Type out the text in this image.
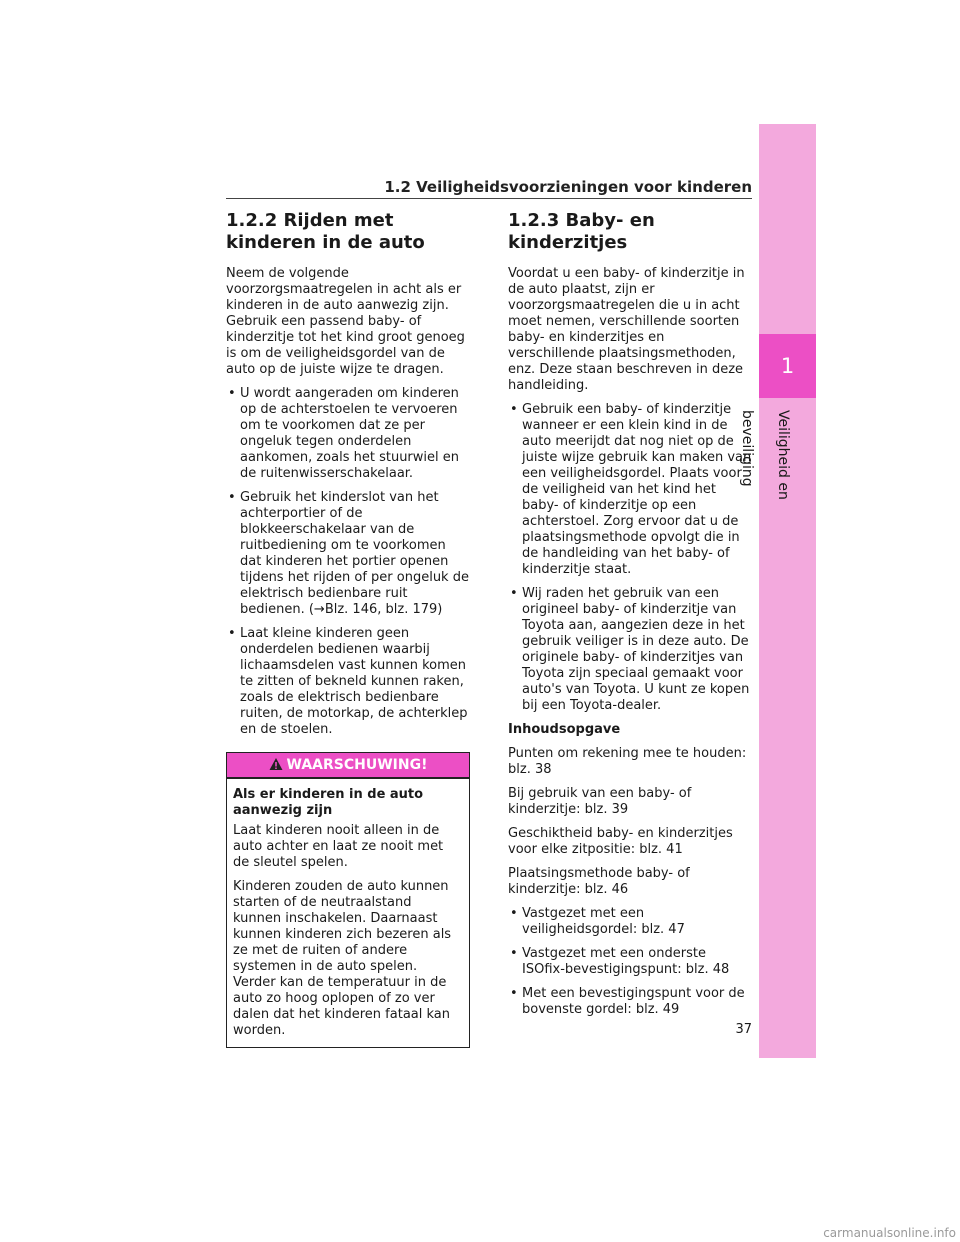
1.2 Veiligheidsvoorzieningen voor kinderen
1
Veiligheid en beveiliging
1.2.2 Rijden met kinderen in de auto

Neem de volgende voorzorgsmaatregelen in acht als er kinderen in de auto aanwezig zijn. Gebruik een passend baby- of kinderzitje tot het kind groot genoeg is om de veiligheidsgordel van de auto op de juiste wijze te dragen.

• U wordt aangeraden om kinderen op de achterstoelen te vervoeren om te voorkomen dat ze per ongeluk tegen onderdelen aankomen, zoals het stuurwiel en de ruitenwisserschakelaar.
• Gebruik het kinderslot van het achterportier of de blokkeerschakelaar van de ruitbediening om te voorkomen dat kinderen het portier openen tijdens het rijden of per ongeluk de elektrisch bedienbare ruit bedienen. (→Blz. 146, blz. 179)
• Laat kleine kinderen geen onderdelen bedienen waarbij lichaamsdelen vast kunnen komen te zitten of bekneld kunnen raken, zoals de elektrisch bedienbare ruiten, de motorkap, de achterklep en de stoelen.
WAARSCHUWING!
Als er kinderen in de auto aanwezig zijn

Laat kinderen nooit alleen in de auto achter en laat ze nooit met de sleutel spelen.

Kinderen zouden de auto kunnen starten of de neutraalstand kunnen inschakelen. Daarnaast kunnen kinderen zich bezeren als ze met de ruiten of andere systemen in de auto spelen. Verder kan de temperatuur in de auto zo hoog oplopen of zo ver dalen dat het kinderen fataal kan worden.

1.2.3 Baby- en kinderzitjes

Voordat u een baby- of kinderzitje in de auto plaatst, zijn er voorzorgsmaatregelen die u in acht moet nemen, verschillende soorten baby- en kinderzitjes en verschillende plaatsingsmethoden, enz. Deze staan beschreven in deze handleiding.

• Gebruik een baby- of kinderzitje wanneer er een klein kind in de auto meerijdt dat nog niet op de juiste wijze gebruik kan maken van een veiligheidsgordel. Plaats voor de veiligheid van het kind het baby- of kinderzitje op een achterstoel. Zorg ervoor dat u de plaatsingsmethode opvolgt die in de handleiding van het baby- of kinderzitje staat.
• Wij raden het gebruik van een origineel baby- of kinderzitje van Toyota aan, aangezien deze in het gebruik veiliger is in deze auto. De originele baby- of kinderzitjes van Toyota zijn speciaal gemaakt voor auto's van Toyota. U kunt ze kopen bij een Toyota-dealer.

Inhoudsopgave

Punten om rekening mee te houden: blz. 38

Bij gebruik van een baby- of kinderzitje: blz. 39

Geschiktheid baby- en kinderzitjes voor elke zitpositie: blz. 41

Plaatsingsmethode baby- of kinderzitje: blz. 46

• Vastgezet met een veiligheidsgordel: blz. 47
• Vastgezet met een onderste ISOfix-bevestigingspunt: blz. 48
• Met een bevestigingspunt voor de bovenste gordel: blz. 49
37
carmanualsonline.info
